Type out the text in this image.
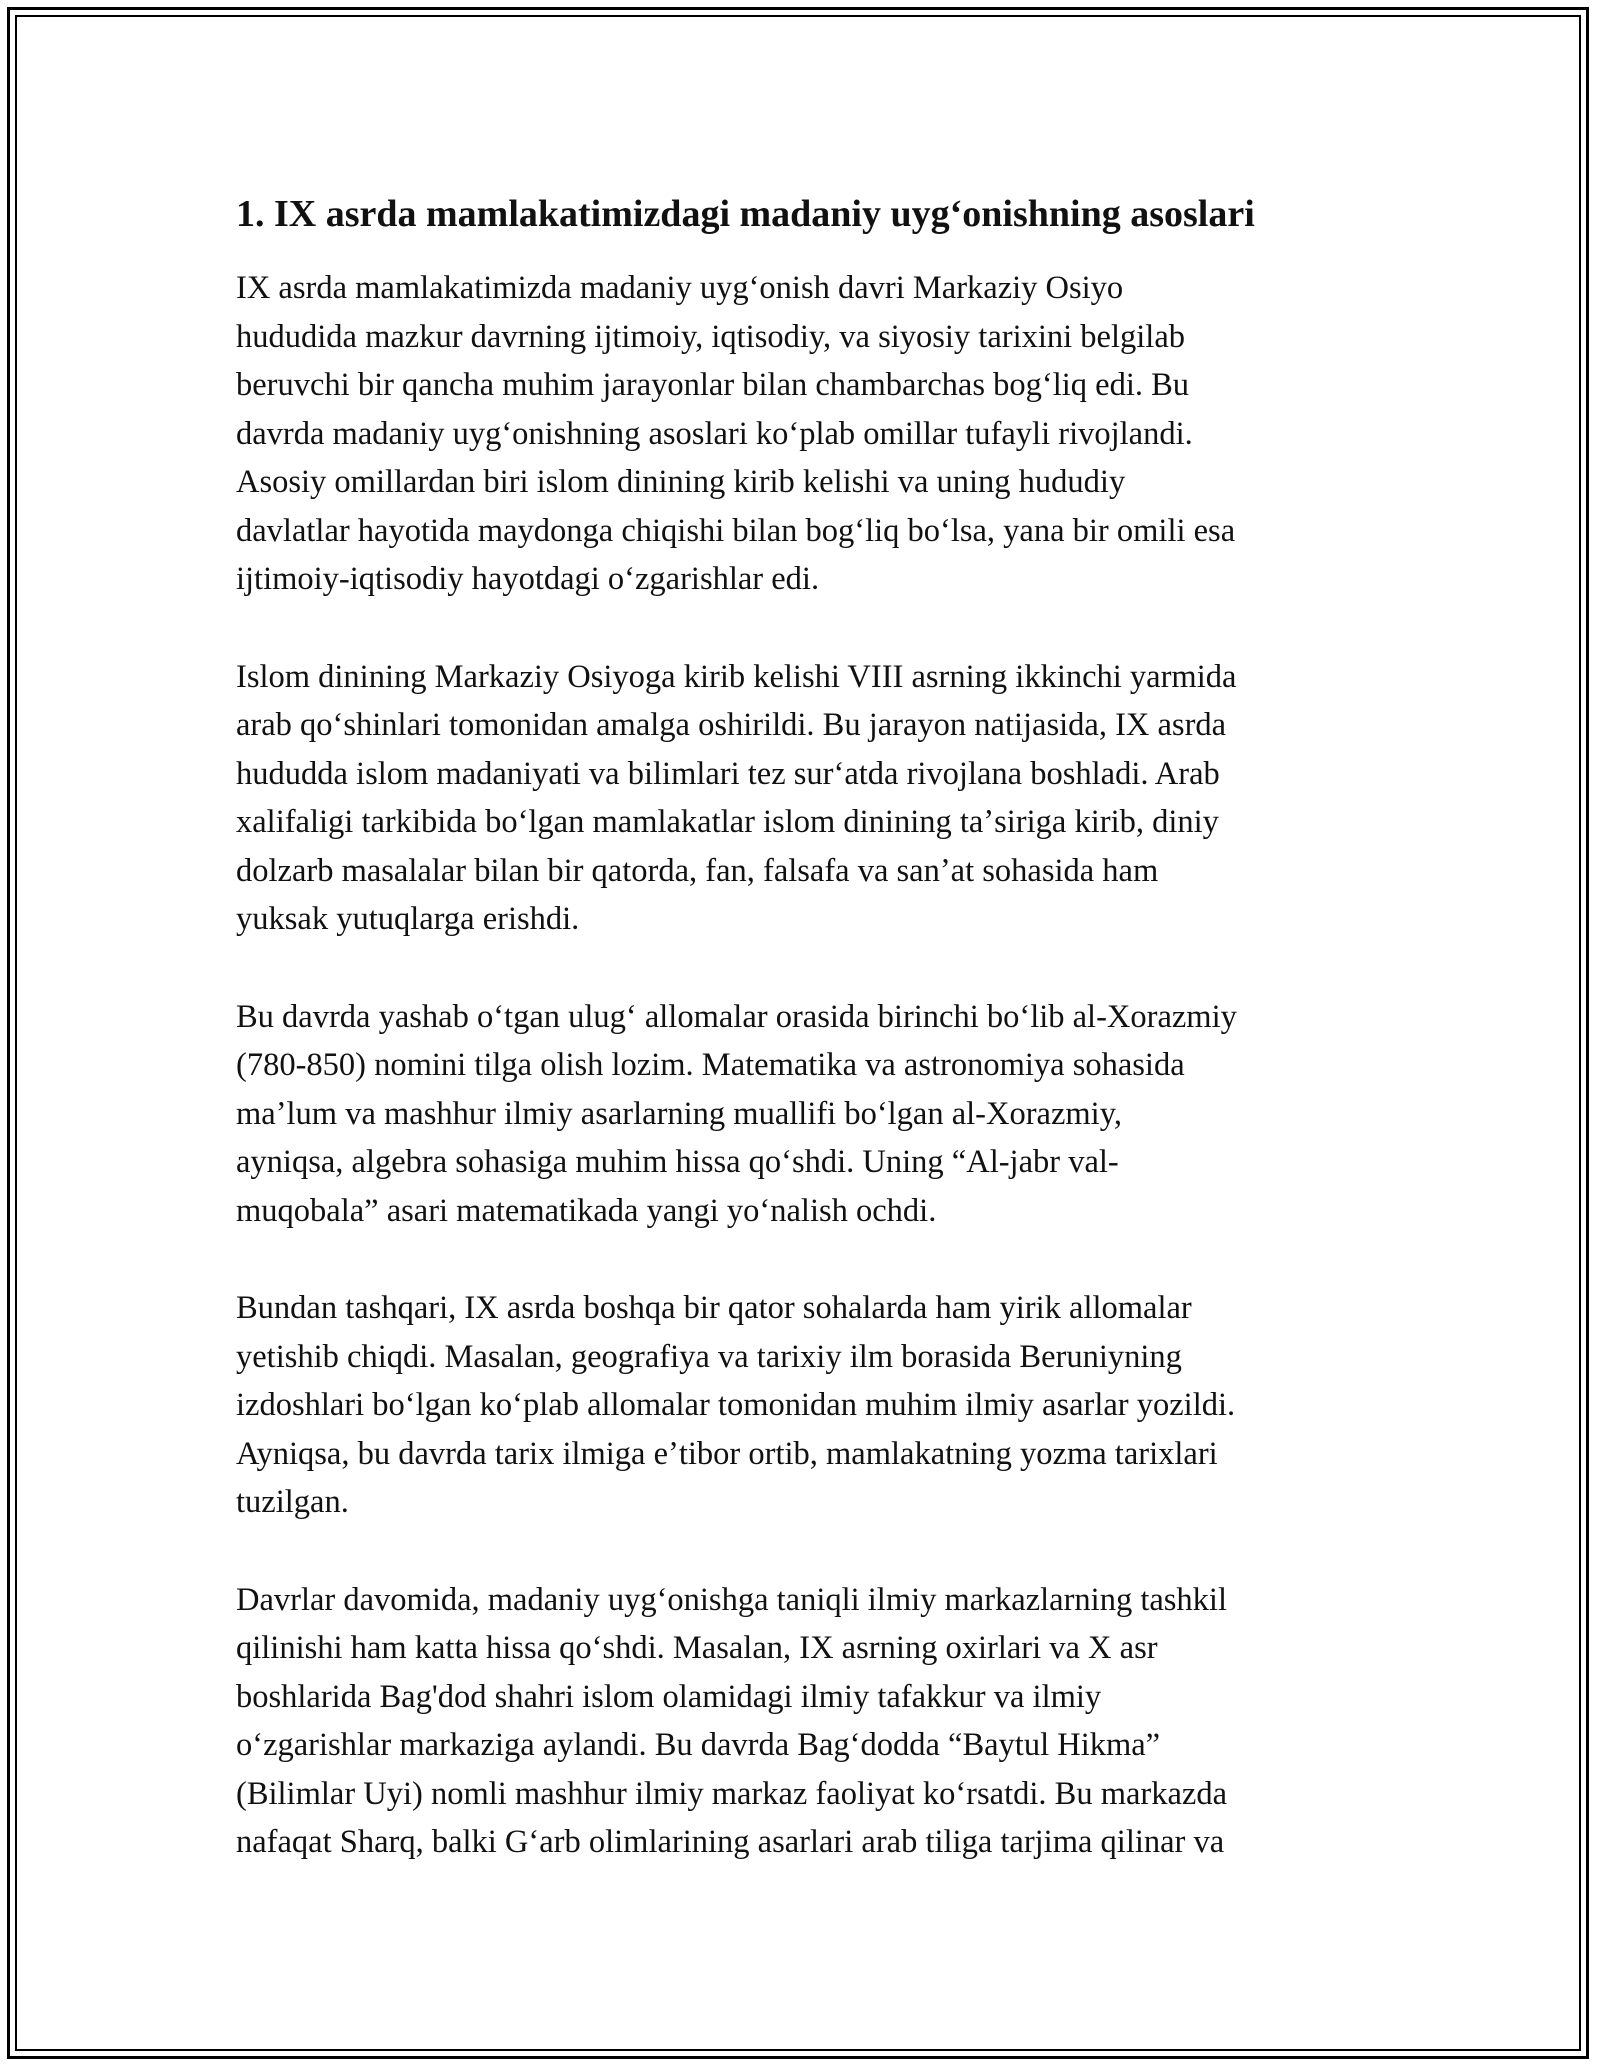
1. IX asrda mamlakatimizdagi madaniy uygʻonishning asoslari

IX asrda mamlakatimizda madaniy uygʻonish davri Markaziy Osiyo
hududida mazkur davrning ijtimoiy, iqtisodiy, va siyosiy tarixini belgilab
beruvchi bir qancha muhim jarayonlar bilan chambarchas bogʻliq edi. Bu
davrda madaniy uygʻonishning asoslari koʻplab omillar tufayli rivojlandi.
Asosiy omillardan biri islom dinining kirib kelishi va uning hududiy
davlatlar hayotida maydonga chiqishi bilan bogʻliq boʻlsa, yana bir omili esa
ijtimoiy-iqtisodiy hayotdagi oʻzgarishlar edi.

Islom dinining Markaziy Osiyoga kirib kelishi VIII asrning ikkinchi yarmida
arab qoʻshinlari tomonidan amalga oshirildi. Bu jarayon natijasida, IX asrda
hududda islom madaniyati va bilimlari tez surʻatda rivojlana boshladi. Arab
xalifaligi tarkibida boʻlgan mamlakatlar islom dinining taʼsiriga kirib, diniy
dolzarb masalalar bilan bir qatorda, fan, falsafa va sanʼat sohasida ham
yuksak yutuqlarga erishdi.

Bu davrda yashab oʻtgan ulugʻ allomalar orasida birinchi boʻlib al-Xorazmiy
(780-850) nomini tilga olish lozim. Matematika va astronomiya sohasida
maʼlum va mashhur ilmiy asarlarning muallifi boʻlgan al-Xorazmiy,
ayniqsa, algebra sohasiga muhim hissa qoʻshdi. Uning “Al-jabr val-
muqobala” asari matematikada yangi yoʻnalish ochdi.

Bundan tashqari, IX asrda boshqa bir qator sohalarda ham yirik allomalar
yetishib chiqdi. Masalan, geografiya va tarixiy ilm borasida Beruniyning
izdoshlari boʻlgan koʻplab allomalar tomonidan muhim ilmiy asarlar yozildi.
Ayniqsa, bu davrda tarix ilmiga eʼtibor ortib, mamlakatning yozma tarixlari
tuzilgan.

Davrlar davomida, madaniy uygʻonishga taniqli ilmiy markazlarning tashkil
qilinishi ham katta hissa qoʻshdi. Masalan, IX asrning oxirlari va X asr
boshlarida Bag'dod shahri islom olamidagi ilmiy tafakkur va ilmiy
oʻzgarishlar markaziga aylandi. Bu davrda Bagʻdodda “Baytul Hikma”
(Bilimlar Uyi) nomli mashhur ilmiy markaz faoliyat koʻrsatdi. Bu markazda
nafaqat Sharq, balki Gʻarb olimlarining asarlari arab tiliga tarjima qilinar va
